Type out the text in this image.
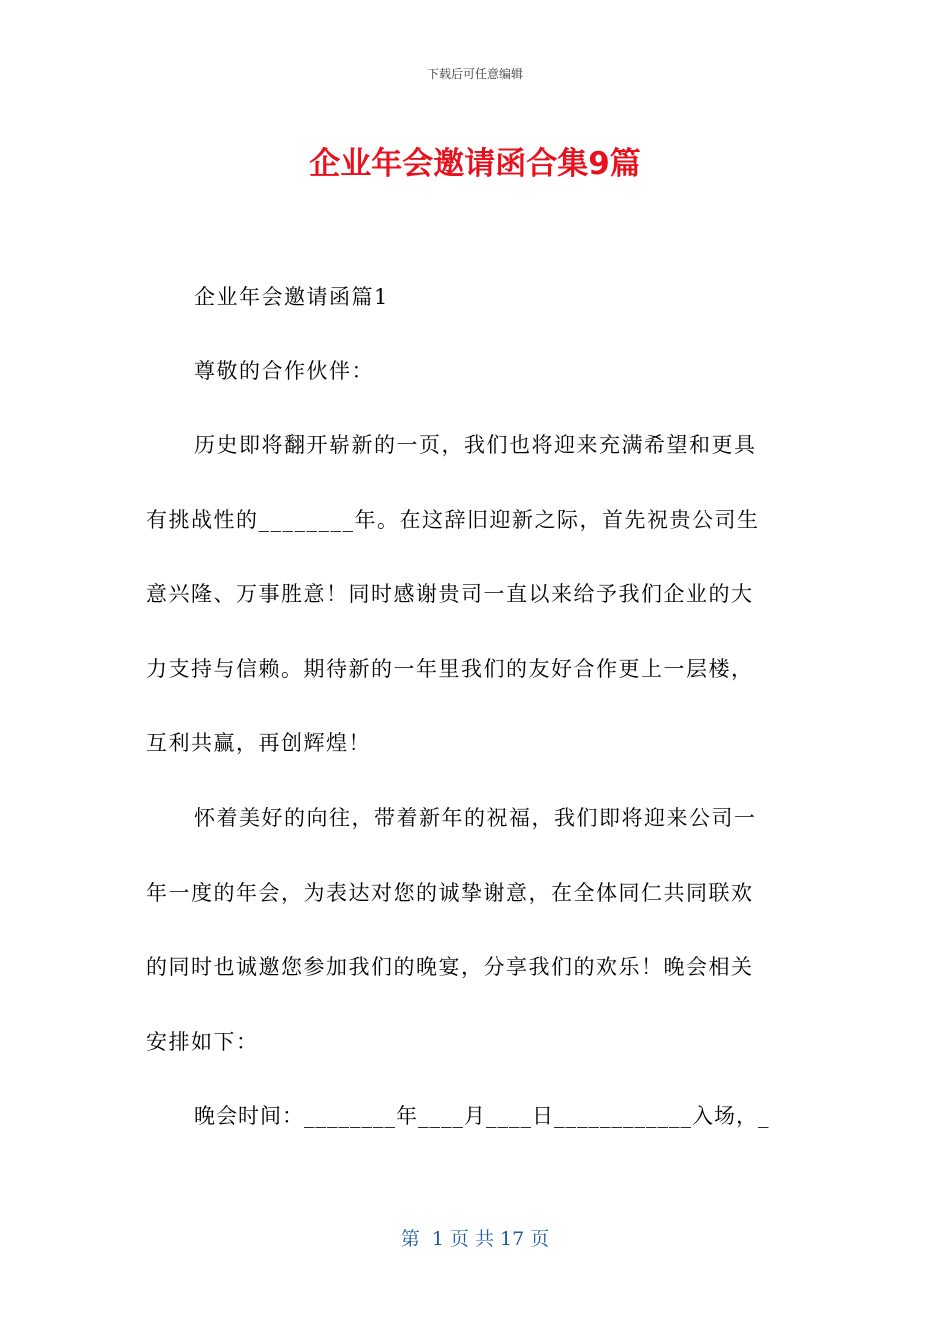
下载后可任意编辑
企业年会邀请函合集9篇
企业年会邀请函篇1
尊敬的合作伙伴：
历史即将翻开崭新的一页，我们也将迎来充满希望和更具
有挑战性的________年。在这辞旧迎新之际，首先祝贵公司生
意兴隆、万事胜意！同时感谢贵司一直以来给予我们企业的大
力支持与信赖。期待新的一年里我们的友好合作更上一层楼，
互利共赢，再创辉煌！
怀着美好的向往，带着新年的祝福，我们即将迎来公司一
年一度的年会，为表达对您的诚挚谢意，在全体同仁共同联欢
的同时也诚邀您参加我们的晚宴，分享我们的欢乐！晚会相关
安排如下：
晚会时间：________年____月____日____________入场，_
第  1 页 共 17 页
